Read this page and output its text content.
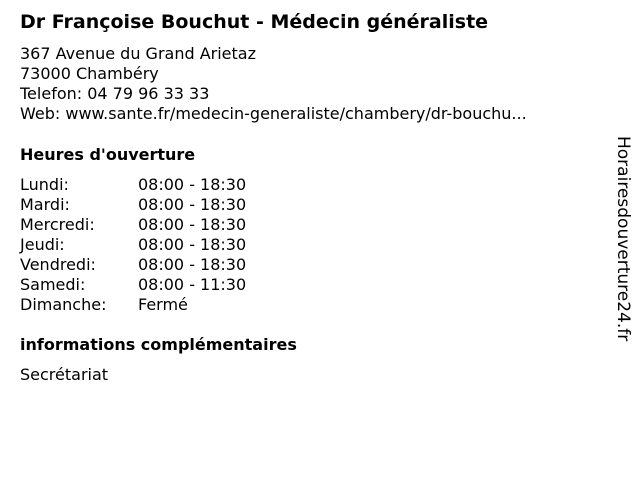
Dr Françoise Bouchut - Médecin généraliste
367 Avenue du Grand Arietaz
73000 Chambéry
Telefon: 04 79 96 33 33
Web: www.sante.fr/medecin-generaliste/chambery/dr-bouchu...
Heures d'ouverture
Lundi:	08:00 - 18:30
Mardi:	08:00 - 18:30
Mercredi:	08:00 - 18:30
Jeudi:	08:00 - 18:30
Vendredi:	08:00 - 18:30
Samedi:	08:00 - 11:30
Dimanche:	Fermé
informations complémentaires
Secrétariat
Horairesdouverture24.fr
